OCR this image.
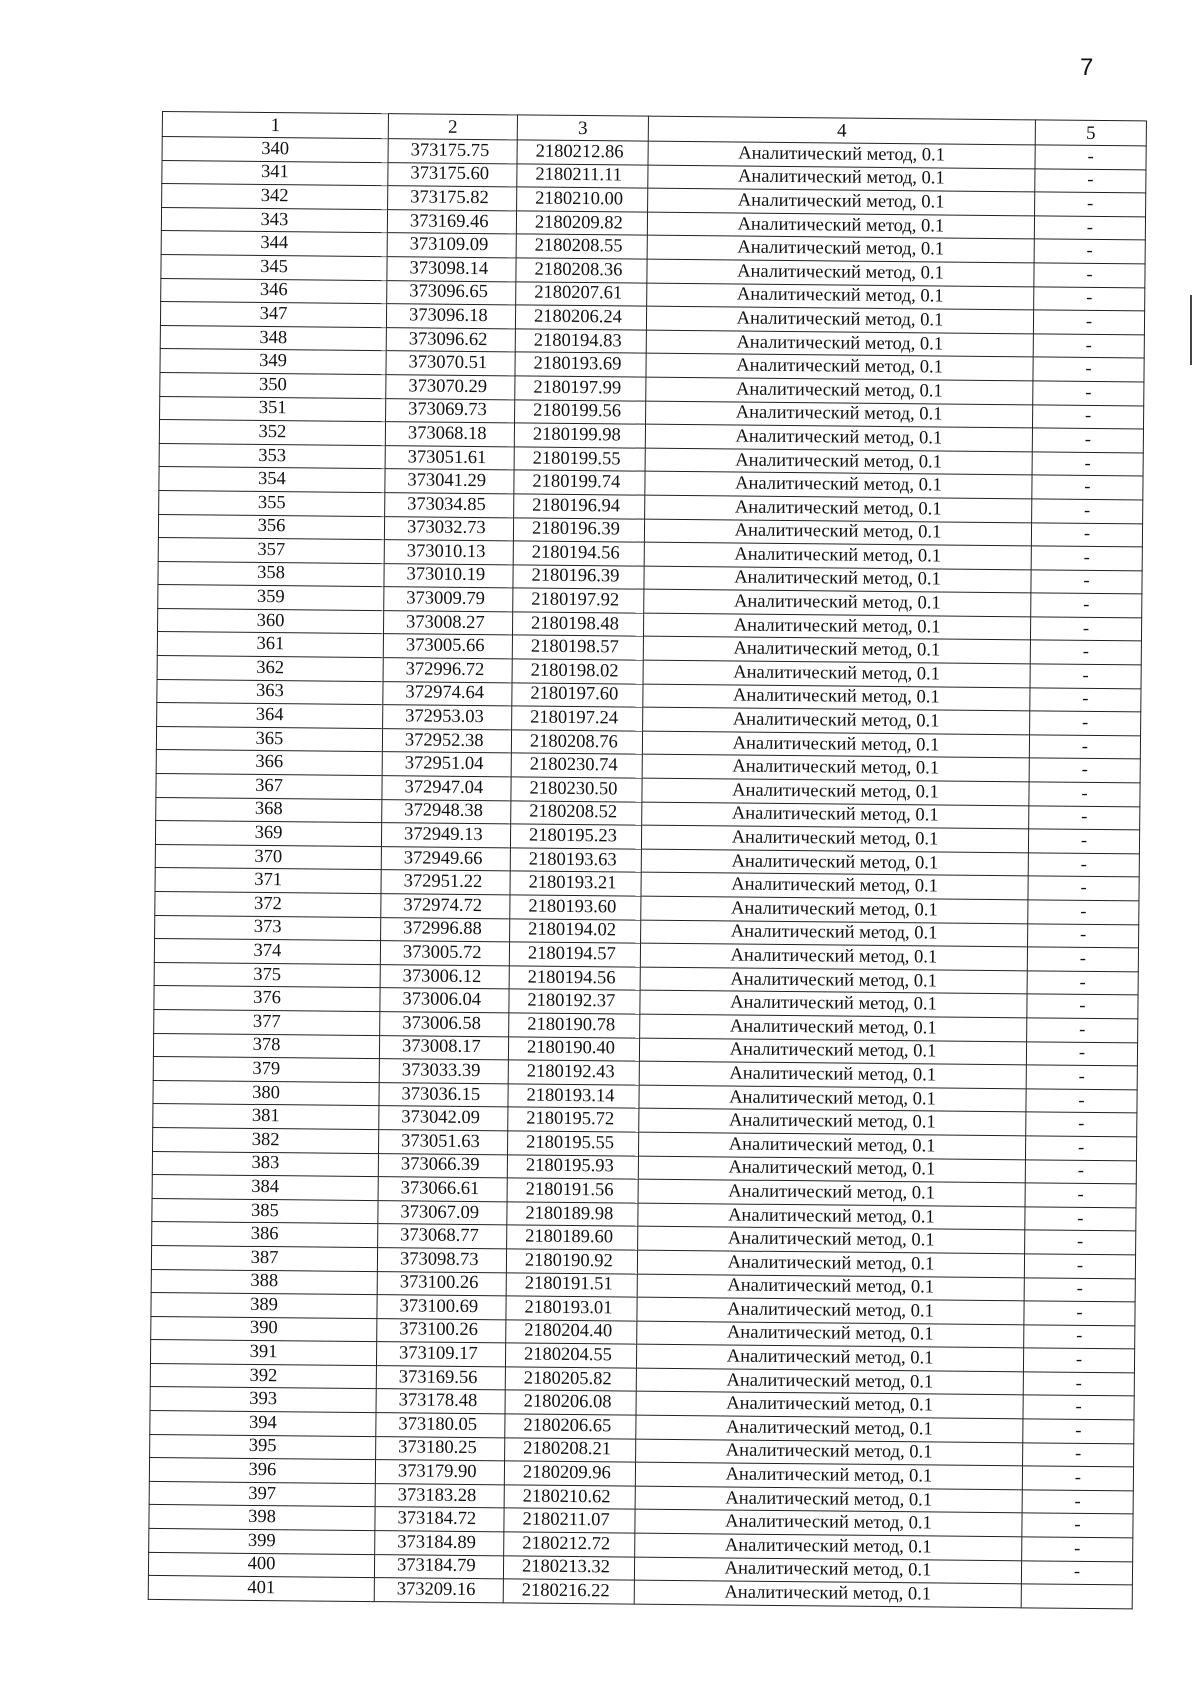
7
1	2	3	4	5
340	373175.75	2180212.86	Аналитический метод, 0.1	-
341	373175.60	2180211.11	Аналитический метод, 0.1	-
342	373175.82	2180210.00	Аналитический метод, 0.1	-
343	373169.46	2180209.82	Аналитический метод, 0.1	-
344	373109.09	2180208.55	Аналитический метод, 0.1	-
345	373098.14	2180208.36	Аналитический метод, 0.1	-
346	373096.65	2180207.61	Аналитический метод, 0.1	-
347	373096.18	2180206.24	Аналитический метод, 0.1	-
348	373096.62	2180194.83	Аналитический метод, 0.1	-
349	373070.51	2180193.69	Аналитический метод, 0.1	-
350	373070.29	2180197.99	Аналитический метод, 0.1	-
351	373069.73	2180199.56	Аналитический метод, 0.1	-
352	373068.18	2180199.98	Аналитический метод, 0.1	-
353	373051.61	2180199.55	Аналитический метод, 0.1	-
354	373041.29	2180199.74	Аналитический метод, 0.1	-
355	373034.85	2180196.94	Аналитический метод, 0.1	-
356	373032.73	2180196.39	Аналитический метод, 0.1	-
357	373010.13	2180194.56	Аналитический метод, 0.1	-
358	373010.19	2180196.39	Аналитический метод, 0.1	-
359	373009.79	2180197.92	Аналитический метод, 0.1	-
360	373008.27	2180198.48	Аналитический метод, 0.1	-
361	373005.66	2180198.57	Аналитический метод, 0.1	-
362	372996.72	2180198.02	Аналитический метод, 0.1	-
363	372974.64	2180197.60	Аналитический метод, 0.1	-
364	372953.03	2180197.24	Аналитический метод, 0.1	-
365	372952.38	2180208.76	Аналитический метод, 0.1	-
366	372951.04	2180230.74	Аналитический метод, 0.1	-
367	372947.04	2180230.50	Аналитический метод, 0.1	-
368	372948.38	2180208.52	Аналитический метод, 0.1	-
369	372949.13	2180195.23	Аналитический метод, 0.1	-
370	372949.66	2180193.63	Аналитический метод, 0.1	-
371	372951.22	2180193.21	Аналитический метод, 0.1	-
372	372974.72	2180193.60	Аналитический метод, 0.1	-
373	372996.88	2180194.02	Аналитический метод, 0.1	-
374	373005.72	2180194.57	Аналитический метод, 0.1	-
375	373006.12	2180194.56	Аналитический метод, 0.1	-
376	373006.04	2180192.37	Аналитический метод, 0.1	-
377	373006.58	2180190.78	Аналитический метод, 0.1	-
378	373008.17	2180190.40	Аналитический метод, 0.1	-
379	373033.39	2180192.43	Аналитический метод, 0.1	-
380	373036.15	2180193.14	Аналитический метод, 0.1	-
381	373042.09	2180195.72	Аналитический метод, 0.1	-
382	373051.63	2180195.55	Аналитический метод, 0.1	-
383	373066.39	2180195.93	Аналитический метод, 0.1	-
384	373066.61	2180191.56	Аналитический метод, 0.1	-
385	373067.09	2180189.98	Аналитический метод, 0.1	-
386	373068.77	2180189.60	Аналитический метод, 0.1	-
387	373098.73	2180190.92	Аналитический метод, 0.1	-
388	373100.26	2180191.51	Аналитический метод, 0.1	-
389	373100.69	2180193.01	Аналитический метод, 0.1	-
390	373100.26	2180204.40	Аналитический метод, 0.1	-
391	373109.17	2180204.55	Аналитический метод, 0.1	-
392	373169.56	2180205.82	Аналитический метод, 0.1	-
393	373178.48	2180206.08	Аналитический метод, 0.1	-
394	373180.05	2180206.65	Аналитический метод, 0.1	-
395	373180.25	2180208.21	Аналитический метод, 0.1	-
396	373179.90	2180209.96	Аналитический метод, 0.1	-
397	373183.28	2180210.62	Аналитический метод, 0.1	-
398	373184.72	2180211.07	Аналитический метод, 0.1	-
399	373184.89	2180212.72	Аналитический метод, 0.1	-
400	373184.79	2180213.32	Аналитический метод, 0.1	-
401	373209.16	2180216.22	Аналитический метод, 0.1	
